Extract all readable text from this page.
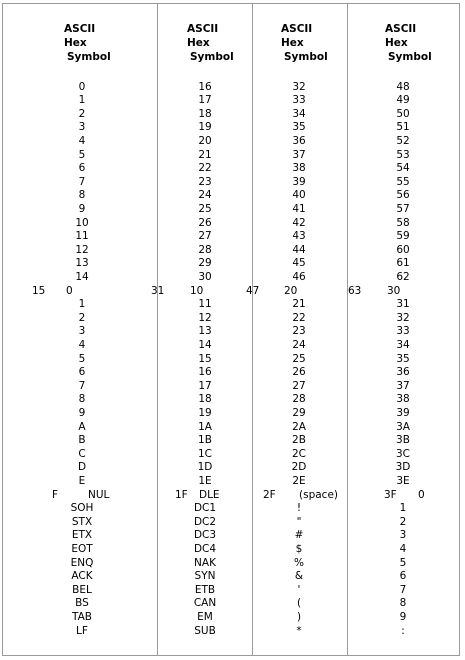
ASCII
Hex
Symbol
0
1
2
3
4
5
6
7
8
9
10
11
12
13
14
15 0
1
2
3
4
5
6
7
8
9
A
B
C
D
E
F	NUL
SOH
STX
ETX
EOT
ENQ
ACK
BEL
BS
TAB
LF
ASCII
Hex
Symbol
16
17
18
19
20
21
22
23
24
25
26
27
28
29
30
31 10
11
12
13
14
15
16
17
18
19
1A
1B
1C
1D
1E
1F DLE
DC1
DC2
DC3
DC4
NAK
SYN
ETB
CAN
EM
SUB
ASCII
Hex
Symbol
32
33
34
35
36
37
38
39
40
41
42
43
44
45
46
47 20
21
22
23
24
25
26
27
28
29
2A
2B
2C
2D
2E
2F (space)
!
"
#
$
%
&
'
(
)
*
ASCII
Hex
Symbol
48
49
50
51
52
53
54
55
56
57
58
59
60
61
62
63 30
31
32
33
34
35
36
37
38
39
3A
3B
3C
3D
3E
3F 0
1
2
3
4
5
6
7
8
9
:
